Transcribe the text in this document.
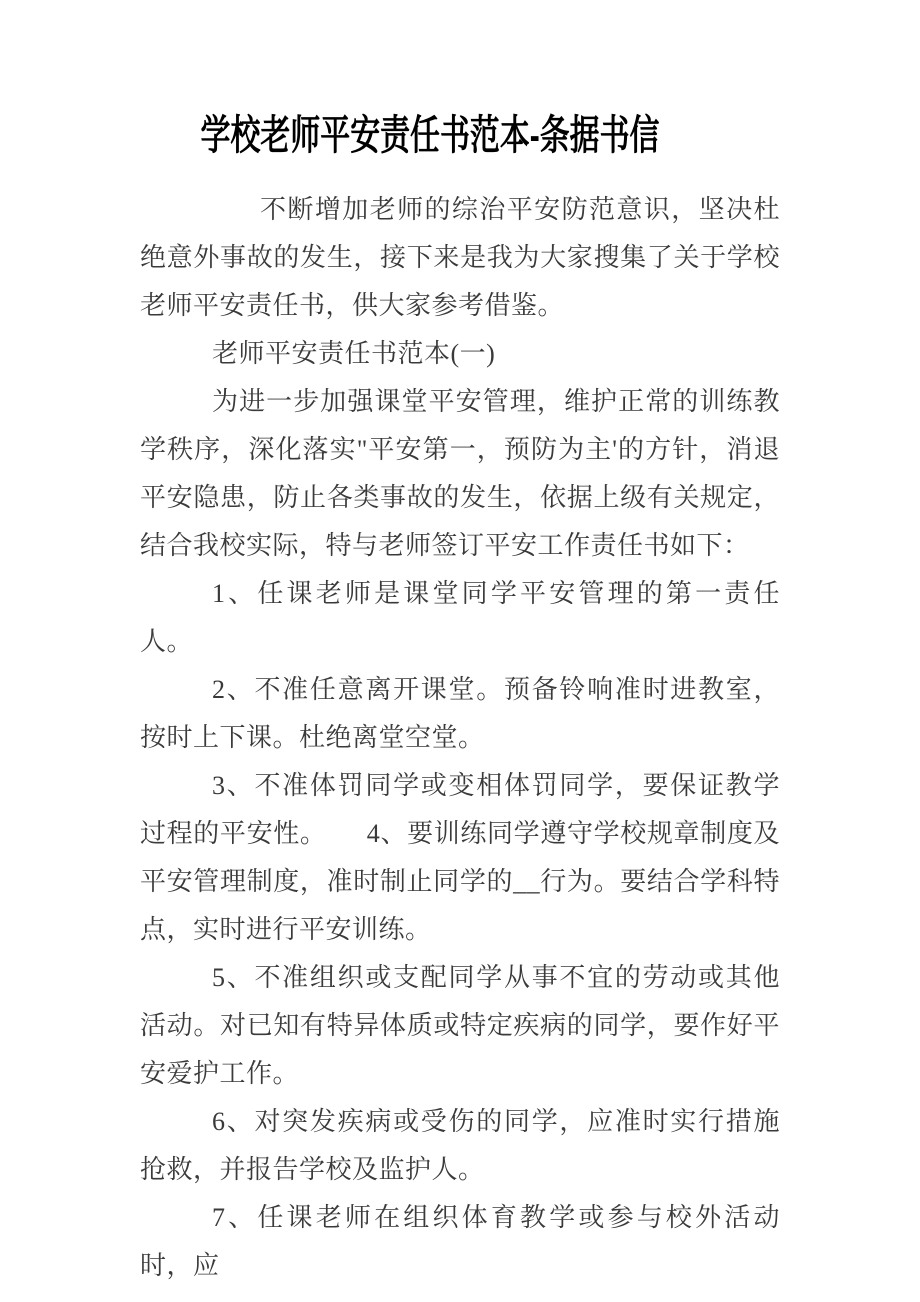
学校老师平安责任书范本-条据书信

不断增加老师的综治平安防范意识，坚决杜绝意外事故的发生，接下来是我为大家搜集了关于学校老师平安责任书，供大家参考借鉴。

老师平安责任书范本(一)

为进一步加强课堂平安管理，维护正常的训练教学秩序，深化落实"平安第一，预防为主'的方针，消退平安隐患，防止各类事故的发生，依据上级有关规定，结合我校实际，特与老师签订平安工作责任书如下：

1、任课老师是课堂同学平安管理的第一责任人。

2、不准任意离开课堂。预备铃响准时进教室，按时上下课。杜绝离堂空堂。

3、不准体罚同学或变相体罚同学，要保证教学过程的平安性。　　4、要训练同学遵守学校规章制度及平安管理制度，准时制止同学的__行为。要结合学科特点，实时进行平安训练。

5、不准组织或支配同学从事不宜的劳动或其他活动。对已知有特异体质或特定疾病的同学，要作好平安爱护工作。

6、对突发疾病或受伤的同学，应准时实行措施抢救，并报告学校及监护人。

7、任课老师在组织体育教学或参与校外活动时，应
